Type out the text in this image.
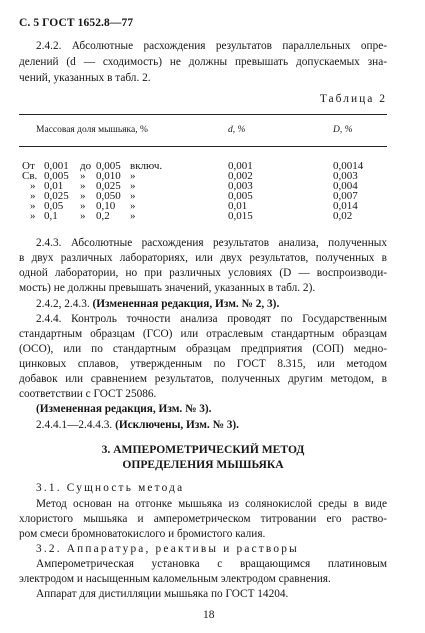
С. 5 ГОСТ 1652.8—77
2.4.2. Абсолютные расхождения результатов параллельных опре-
делений (d — сходимость) не должны превышать допускаемых зна-
чений, указанных в табл. 2.
Таблица 2
Массовая доля мышьяка, %	d, %	D, %
От 0,001 до 0,005 включ.	0,001	0,0014
Св. 0,005 » 0,010 »	0,002	0,003
» 0,01 » 0,025 »	0,003	0,004
» 0,025 » 0,050 »	0,005	0,007
» 0,05 » 0,10 »	0,01	0,014
» 0,1 » 0,2 »	0,015	0,02
2.4.3. Абсолютные расхождения результатов анализа, полученных
в двух различных лабораториях, или двух результатов, полученных в
одной лаборатории, но при различных условиях (D — воспроизводи-
мость) не должны превышать значений, указанных в табл. 2).
2.4.2, 2.4.3. (Измененная редакция, Изм. № 2, 3).
2.4.4. Контроль точности анализа проводят по Государственным
стандартным образцам (ГСО) или отраслевым стандартным образцам
(ОСО), или по стандартным образцам предприятия (СОП) медно-
цинковых сплавов, утвержденным по ГОСТ 8.315, или методом
добавок или сравнением результатов, полученных другим методом, в
соответствии с ГОСТ 25086.
(Измененная редакция, Изм. № 3).
2.4.4.1—2.4.4.3. (Исключены, Изм. № 3).
3. АМПЕРОМЕТРИЧЕСКИЙ МЕТОД
ОПРЕДЕЛЕНИЯ МЫШЬЯКА
3.1. Сущность метода
Метод основан на отгонке мышьяка из солянокислой среды в виде
хлористого мышьяка и амперометрическом титровании его раство-
ром смеси бромноватокислого и бромистого калия.
3.2. Аппаратура, реактивы и растворы
Амперометрическая установка с вращающимся платиновым
электродом и насыщенным каломельным электродом сравнения.
Аппарат для дистилляции мышьяка по ГОСТ 14204.
18
